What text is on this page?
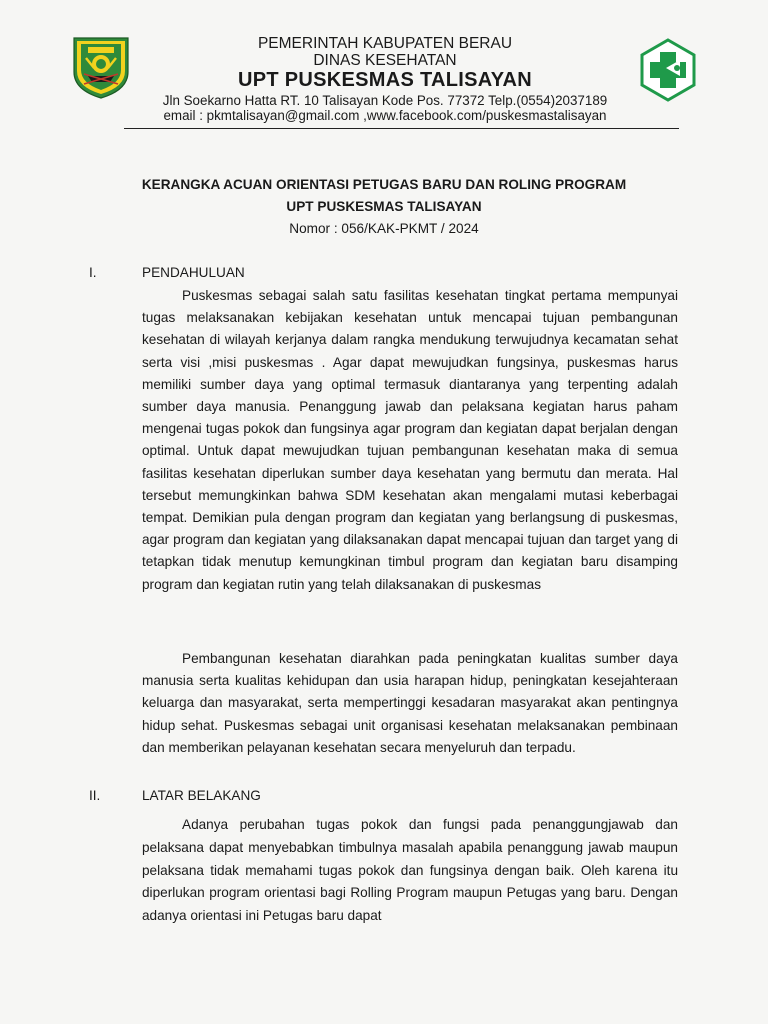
PEMERINTAH KABUPATEN BERAU
DINAS KESEHATAN
UPT PUSKESMAS TALISAYAN
Jln Soekarno Hatta RT. 10 Talisayan Kode Pos. 77372 Telp.(0554)2037189
email : pkmtalisayan@gmail.com ,www.facebook.com/puskesmastalisayan
KERANGKA ACUAN ORIENTASI PETUGAS BARU DAN ROLING PROGRAM
UPT PUSKESMAS TALISAYAN
Nomor : 056/KAK-PKMT / 2024
I.	PENDAHULUAN

Puskesmas sebagai salah satu fasilitas kesehatan tingkat pertama mempunyai tugas melaksanakan kebijakan kesehatan untuk mencapai tujuan pembangunan kesehatan di wilayah kerjanya dalam rangka mendukung terwujudnya kecamatan sehat serta visi ,misi puskesmas . Agar dapat mewujudkan fungsinya, puskesmas harus memiliki sumber daya yang optimal termasuk diantaranya yang terpenting adalah sumber daya manusia. Penanggung jawab dan pelaksana kegiatan harus paham mengenai tugas pokok dan fungsinya agar program dan kegiatan dapat berjalan dengan optimal. Untuk dapat mewujudkan tujuan pembangunan kesehatan maka di semua fasilitas kesehatan diperlukan sumber daya kesehatan yang bermutu dan merata. Hal tersebut memungkinkan bahwa SDM kesehatan akan mengalami mutasi keberbagai tempat. Demikian pula dengan program dan kegiatan yang berlangsung di puskesmas, agar program dan kegiatan yang dilaksanakan dapat mencapai tujuan dan target yang di tetapkan tidak menutup kemungkinan timbul program dan kegiatan baru disamping program dan kegiatan rutin yang telah dilaksanakan di puskesmas

Pembangunan kesehatan diarahkan pada peningkatan kualitas sumber daya manusia serta kualitas kehidupan dan usia harapan hidup, peningkatan kesejahteraan keluarga dan masyarakat, serta mempertinggi kesadaran masyarakat akan pentingnya hidup sehat. Puskesmas sebagai unit organisasi kesehatan melaksanakan pembinaan dan memberikan pelayanan kesehatan secara menyeluruh dan terpadu.

II.	LATAR BELAKANG

Adanya perubahan tugas pokok dan fungsi pada penanggungjawab dan pelaksana dapat menyebabkan timbulnya masalah apabila penanggung jawab maupun pelaksana tidak memahami tugas pokok dan fungsinya dengan baik. Oleh karena itu diperlukan program orientasi bagi Rolling Program maupun Petugas yang baru. Dengan adanya orientasi ini Petugas baru dapat
